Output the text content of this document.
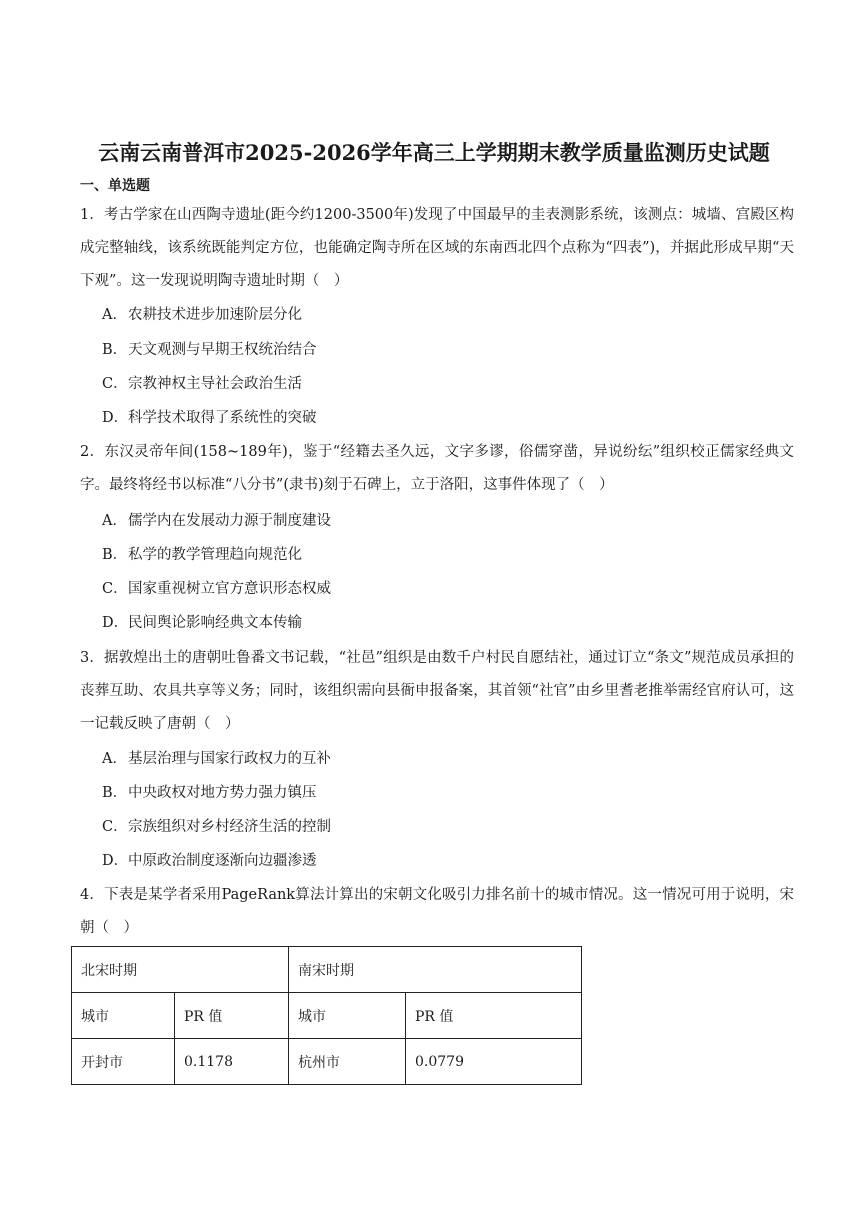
云南云南普洱市2025-2026学年高三上学期期末教学质量监测历史试题
一、单选题
1．考古学家在山西陶寺遗址(距今约1200-3500年)发现了中国最早的圭表测影系统，该测点：城墙、宫殿区构成完整轴线，该系统既能判定方位，也能确定陶寺所在区域的东南西北四个点称为“四表”)，并据此形成早期“天下观”。这一发现说明陶寺遗址时期（　）
A．农耕技术进步加速阶层分化
B．天文观测与早期王权统治结合
C．宗教神权主导社会政治生活
D．科学技术取得了系统性的突破
2．东汉灵帝年间(158~189年)，鉴于“经籍去圣久远，文字多谬，俗儒穿凿，异说纷纭”组织校正儒家经典文字。最终将经书以标准“八分书”(隶书)刻于石碑上，立于洛阳，这事件体现了（　）
A．儒学内在发展动力源于制度建设
B．私学的教学管理趋向规范化
C．国家重视树立官方意识形态权威
D．民间舆论影响经典文本传输
3．据敦煌出土的唐朝吐鲁番文书记载，“社邑”组织是由数千户村民自愿结社，通过订立“条文”规范成员承担的丧葬互助、农具共享等义务；同时，该组织需向县衙申报备案，其首领“社官”由乡里耆老推举需经官府认可，这一记载反映了唐朝（　）
A．基层治理与国家行政权力的互补
B．中央政权对地方势力强力镇压
C．宗族组织对乡村经济生活的控制
D．中原政治制度逐渐向边疆渗透
4．下表是某学者采用PageRank算法计算出的宋朝文化吸引力排名前十的城市情况。这一情况可用于说明，宋朝（　）
北宋时期		南宋时期	
城市	PR 值	城市	PR 值
开封市	0.1178	杭州市	0.0779
